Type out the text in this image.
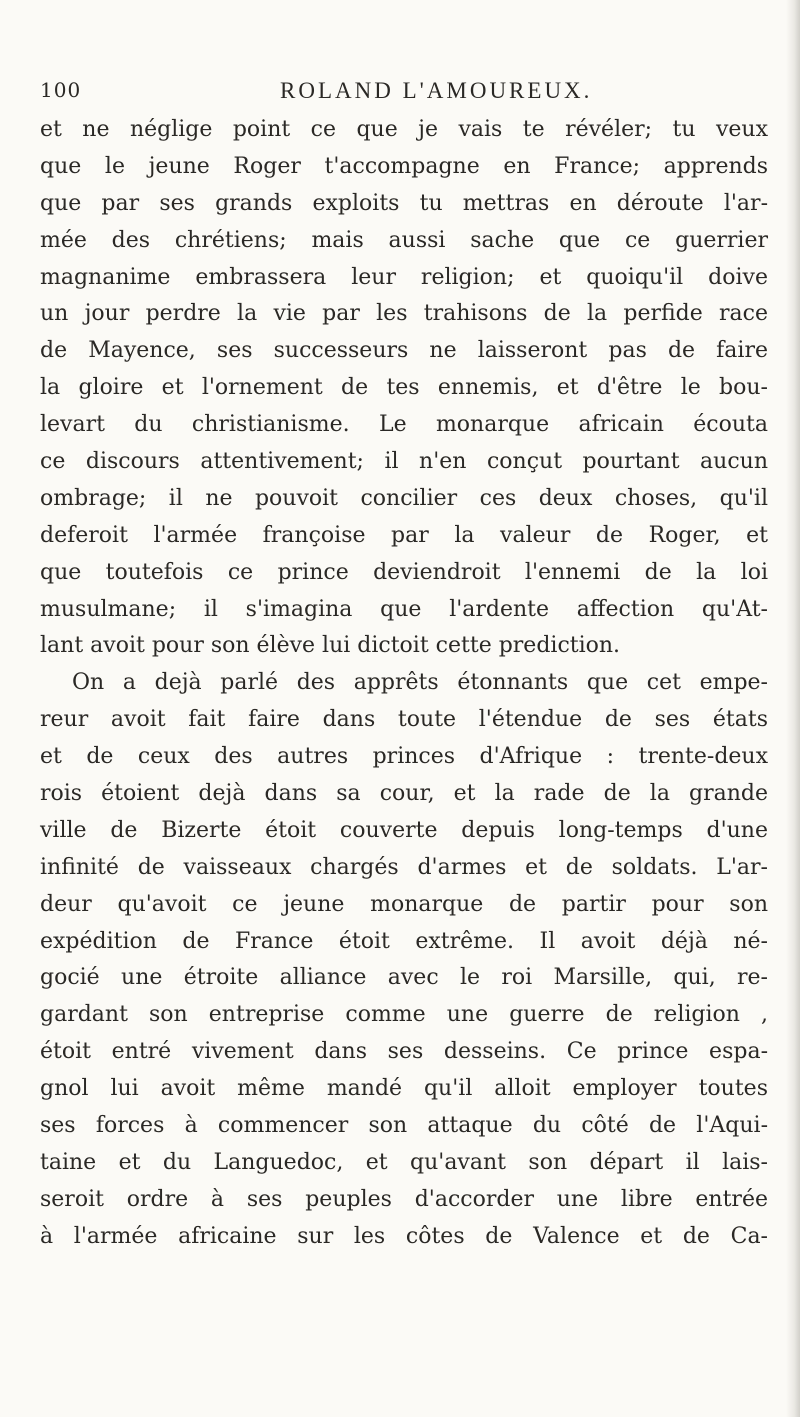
100	ROLAND L'AMOUREUX.
et ne néglige point ce que je vais te révéler; tu veux
que le jeune Roger t'accompagne en France; apprends
que par ses grands exploits tu mettras en déroute l'ar-
mée des chrétiens; mais aussi sache que ce guerrier
magnanime embrassera leur religion; et quoiqu'il doive
un jour perdre la vie par les trahisons de la perfide race
de Mayence, ses successeurs ne laisseront pas de faire
la gloire et l'ornement de tes ennemis, et d'être le bou-
levart du christianisme. Le monarque africain écouta
ce discours attentivement; il n'en conçut pourtant aucun
ombrage; il ne pouvoit concilier ces deux choses, qu'il
deferoit l'armée françoise par la valeur de Roger, et
que toutefois ce prince deviendroit l'ennemi de la loi
musulmane; il s'imagina que l'ardente affection qu'At-
lant avoit pour son élève lui dictoit cette prediction.
On a dejà parlé des apprêts étonnants que cet empe-
reur avoit fait faire dans toute l'étendue de ses états
et de ceux des autres princes d'Afrique : trente-deux
rois étoient dejà dans sa cour, et la rade de la grande
ville de Bizerte étoit couverte depuis long-temps d'une
infinité de vaisseaux chargés d'armes et de soldats. L'ar-
deur qu'avoit ce jeune monarque de partir pour son
expédition de France étoit extrême. Il avoit déjà né-
gocié une étroite alliance avec le roi Marsille, qui, re-
gardant son entreprise comme une guerre de religion ,
étoit entré vivement dans ses desseins. Ce prince espa-
gnol lui avoit même mandé qu'il alloit employer toutes
ses forces à commencer son attaque du côté de l'Aqui-
taine et du Languedoc, et qu'avant son départ il lais-
seroit ordre à ses peuples d'accorder une libre entrée
à l'armée africaine sur les côtes de Valence et de Ca-
